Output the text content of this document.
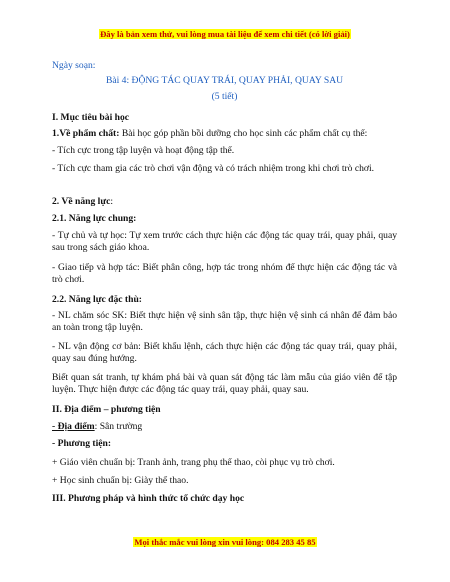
Đây là bản xem thử, vui lòng mua tài liệu để xem chi tiết (có lời giải)
Ngày soạn:
Bài 4: ĐỘNG TÁC QUAY TRÁI, QUAY PHẢI, QUAY SAU
(5 tiết)
I. Mục tiêu bài học
1.Về phẩm chất: Bài học góp phần bồi dưỡng cho học sinh các phẩm chất cụ thể:
- Tích cực trong tập luyện và hoạt động tập thể.
- Tích cực tham gia các trò chơi vận động và có trách nhiệm trong khi chơi trò chơi.
2. Về năng lực:
2.1. Năng lực chung:
- Tự chủ và tự học: Tự xem trước cách thực hiện các động tác quay trái, quay phải, quay sau trong sách giáo khoa.
- Giao tiếp và hợp tác: Biết phân công, hợp tác trong nhóm để thực hiện các động tác và trò chơi.
2.2. Năng lực đặc thù:
- NL chăm sóc SK: Biết thực hiện vệ sinh sân tập, thực hiện vệ sinh cá nhân để đảm bảo an toàn trong tập luyện.
- NL vận động cơ bản: Biết khẩu lệnh, cách thực hiện các động tác quay trái, quay phải, quay sau đúng hướng.
Biết quan sát tranh, tự khám phá bài và quan sát động tác làm mẫu của giáo viên để tập luyện. Thực hiện được các động tác quay trái, quay phải, quay sau.
II. Địa điểm – phương tiện
- Địa điểm: Sân trường
- Phương tiện:
+ Giáo viên chuẩn bị: Tranh ảnh, trang phụ thể thao, còi phục vụ trò chơi.
+ Học sinh chuẩn bị: Giày thể thao.
III. Phương pháp và hình thức tổ chức dạy học
Mọi thắc mắc vui lòng xin vui lòng: 084 283 45 85
